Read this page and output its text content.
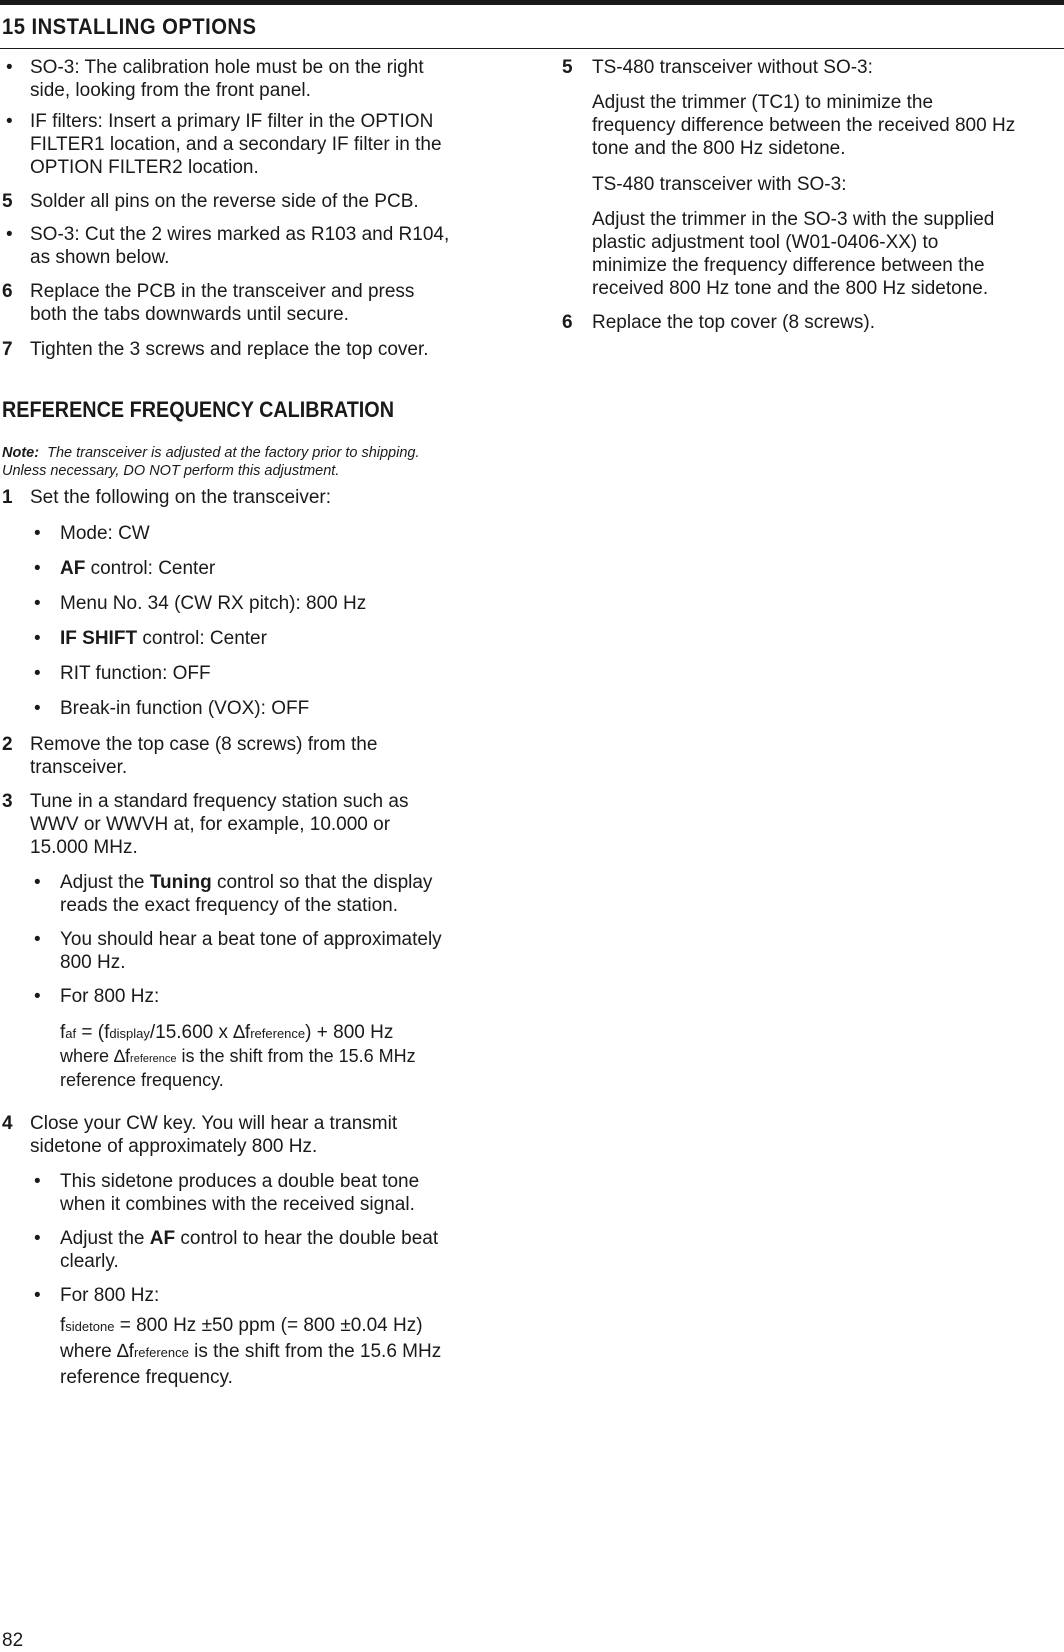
15 INSTALLING OPTIONS
• SO-3: The calibration hole must be on the right
side, looking from the front panel.
• IF filters: Insert a primary IF filter in the OPTION
FILTER1 location, and a secondary IF filter in the
OPTION FILTER2 location.
5 Solder all pins on the reverse side of the PCB.
• SO-3: Cut the 2 wires marked as R103 and R104,
as shown below.
6 Replace the PCB in the transceiver and press
both the tabs downwards until secure.
7 Tighten the 3 screws and replace the top cover.
REFERENCE FREQUENCY CALIBRATION
Note: The transceiver is adjusted at the factory prior to shipping.
Unless necessary, DO NOT perform this adjustment.
1 Set the following on the transceiver:
•	Mode: CW
•	AF control: Center
•	Menu No. 34 (CW RX pitch): 800 Hz
•	IF SHIFT control: Center
•	RIT function: OFF
•	Break-in function (VOX): OFF
2 Remove the top case (8 screws) from the
transceiver.
3 Tune in a standard frequency station such as
WWV or WWVH at, for example, 10.000 or
15.000 MHz.
•	Adjust the Tuning control so that the display
reads the exact frequency of the station.
•	You should hear a beat tone of approximately
800 Hz.
•	For 800 Hz:
faf = (fdisplay/15.600 x ∆freference) + 800 Hz
where ∆freference is the shift from the 15.6 MHz
reference frequency.
4 Close your CW key. You will hear a transmit
sidetone of approximately 800 Hz.
•	This sidetone produces a double beat tone
when it combines with the received signal.
•	Adjust the AF control to hear the double beat
clearly.
•	For 800 Hz:
fsidetone = 800 Hz ±50 ppm (= 800 ±0.04 Hz)
where ∆freference is the shift from the 15.6 MHz
reference frequency.
5	TS-480 transceiver without SO-3:
Adjust the trimmer (TC1) to minimize the
frequency difference between the received 800 Hz
tone and the 800 Hz sidetone.
TS-480 transceiver with SO-3:
Adjust the trimmer in the SO-3 with the supplied
plastic adjustment tool (W01-0406-XX) to
minimize the frequency difference between the
received 800 Hz tone and the 800 Hz sidetone.
6	Replace the top cover (8 screws).
82
